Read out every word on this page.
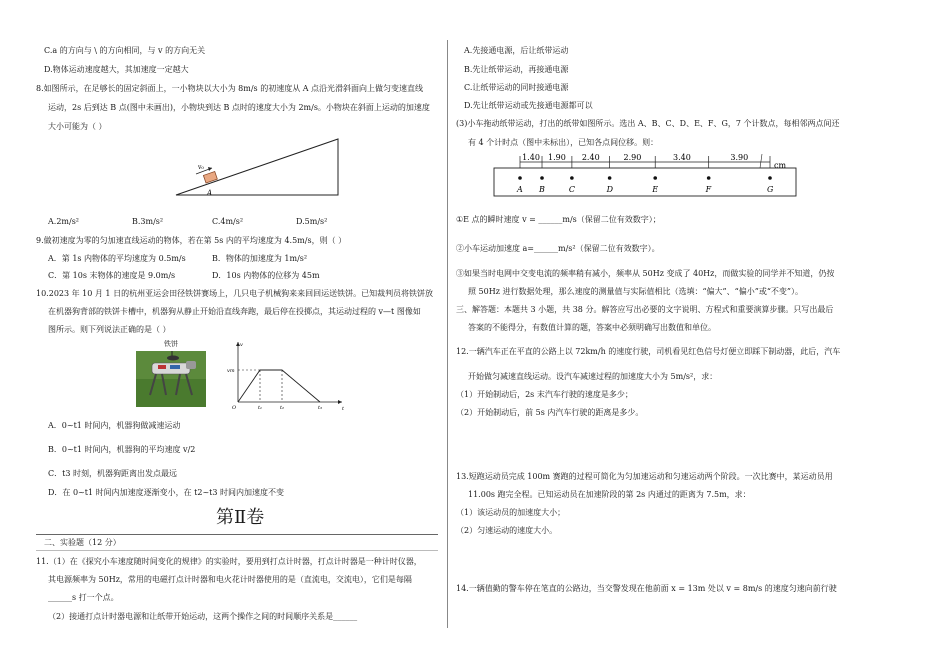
C.a 的方向与 \ 的方向相同，与 v 的方向无关
D.物体运动速度越大，其加速度一定越大
8.如图所示，在足够长的固定斜面上，一小物块以大小为 8m/s 的初速度从 A 点沿光滑斜面向上做匀变速直线
运动，2s 后到达 B 点(图中未画出)，小物块到达 B 点时的速度大小为 2m/s。小物块在斜面上运动的加速度
大小可能为（ ）
v₀
A
A.2m/s²	B.3m/s²	C.4m/s²	D.5m/s²
9.做初速度为零的匀加速直线运动的物体，若在第 5s 内的平均速度为 4.5m/s，则（ ）
A．第 1s 内物体的平均速度为 0.5m/s	B．物体的加速度为 1m/s²
C．第 10s 末物体的速度是 9.0m/s	D．10s 内物体的位移为 45m
10.2023 年 10 月 1 日的杭州亚运会田径铁饼赛场上，几只电子机械狗来来回回运送铁饼。已知裁判员将铁饼放
在机器狗背部的铁饼卡槽中，机器狗从静止开始沿直线奔跑，最后停在投掷点，其运动过程的 v—t 图像如
图所示。则下列说法正确的是（ ）
铁饼	v
t
vm
O	t₁	t₂	t₃
A．0~t1 时间内，机器狗做减速运动
B．0~t1 时间内，机器狗的平均速度 v/2
C．t3 时刻，机器狗距离出发点最远
D．在 0~t1 时间内加速度逐渐变小，在 t2~t3 时间内加速度不变
第Ⅱ卷
二、实验题（12 分）
11.（1）在《探究小车速度随时间变化的规律》的实验时，要用到打点计时器，打点计时器是一种计时仪器，
其电源频率为 50Hz，常用的电磁打点计时器和电火花计时器使用的是（直流电，交流电），它们是每隔
______s 打一个点。
（2）接通打点计时器电源和让纸带开始运动，这两个操作之间的时间顺序关系是______
A.先接通电源，后让纸带运动
B.先让纸带运动，再接通电源
C.让纸带运动的同时接通电源
D.先让纸带运动或先接通电源都可以
(3)小车拖动纸带运动，打出的纸带如图所示。选出 A、B、C、D、E、F、G，7 个计数点，每相邻两点间还
有 4 个计时点（图中未标出），已知各点间位移。则：
A B	C	D	E	F	G
1.40 1.90 2.40	2.90	3.40	3.90
cm
①E 点的瞬时速度 v = ______m/s（保留二位有效数字）；
②小车运动加速度 a=______m/s²（保留二位有效数字）。
③如果当时电网中交变电流的频率稍有减小，频率从 50Hz 变成了 40Hz，而做实验的同学并不知道，仍按
照 50Hz 进行数据处理，那么速度的测量值与实际值相比（选填：“偏大”、“偏小”或“不变”）。
三、解答题：本题共 3 小题，共 38 分。解答应写出必要的文字说明、方程式和重要演算步骤。只写出最后
答案的不能得分，有数值计算的题，答案中必须明确写出数值和单位。
12.一辆汽车正在平直的公路上以 72km/h 的速度行驶，司机看见红色信号灯便立即踩下制动器，此后，汽车
开始做匀减速直线运动。设汽车减速过程的加速度大小为 5m/s²，求：
（1）开始制动后，2s 末汽车行驶的速度是多少；
（2）开始制动后，前 5s 内汽车行驶的距离是多少。
13.短跑运动员完成 100m 赛跑的过程可简化为匀加速运动和匀速运动两个阶段。一次比赛中，某运动员用
11.00s 跑完全程。已知运动员在加速阶段的第 2s 内通过的距离为 7.5m，求：
（1）该运动员的加速度大小；
（2）匀速运动的速度大小。
14.一辆值勤的警车停在笔直的公路边，当交警发现在他前面 x = 13m 处以 v = 8m/s 的速度匀速向前行驶
